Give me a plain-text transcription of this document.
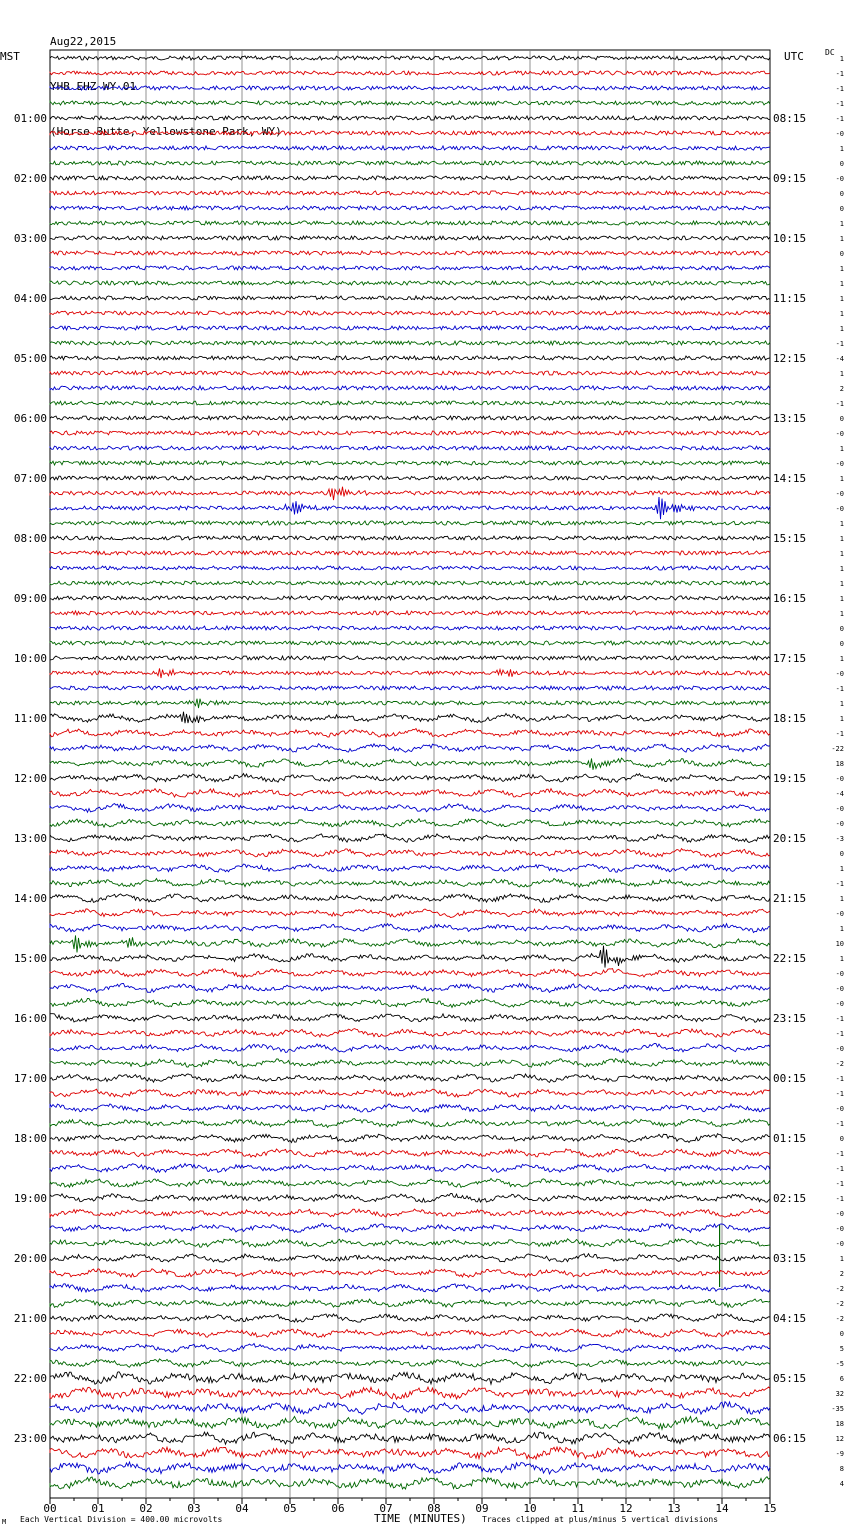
Aug22,2015

YHB EHZ WY 01

(Horse Butte, Yellowstone Park, WY)

MST	UTC	DC
00	01	02	03	04	05	06	07	08	09	10	11	12	13	14	15
1
-1
-1
-1
-1
-0
1
0
-0
0
0
1
1
0
1
1
1
1
1
-1
-4
1
2
-1
0
-0
1
-0
1
-0
-0
1
1
1
1
1
1
1
0
0
1
-0
-1
1
1
-1
-22
18
-0
-4
-0
-0
-3
0
1
-1
1
-0
1
10
1
-0
-0
-0
-1
-1
-0
-2
-1
-1
-0
-1
0
-1
-1
-1
-1
-0
-0
-0
1
2
-2
-2
-2
0
5
-5
6
32
-35
18
12
-9
8
4
01:00	08:15
02:00	09:15
03:00	10:15
04:00	11:15
05:00	12:15
06:00	13:15
07:00	14:15
08:00	15:15
09:00	16:15
10:00	17:15
11:00	18:15
12:00	19:15
13:00	20:15
14:00	21:15
15:00	22:15
16:00	23:15
17:00	00:15
18:00	01:15
19:00	02:15
20:00	03:15
21:00	04:15
22:00	05:15
23:00	06:15
M Each Vertical Division = 400.00 microvolts	TIME (MINUTES) Traces clipped at plus/minus 5 vertical divisions
